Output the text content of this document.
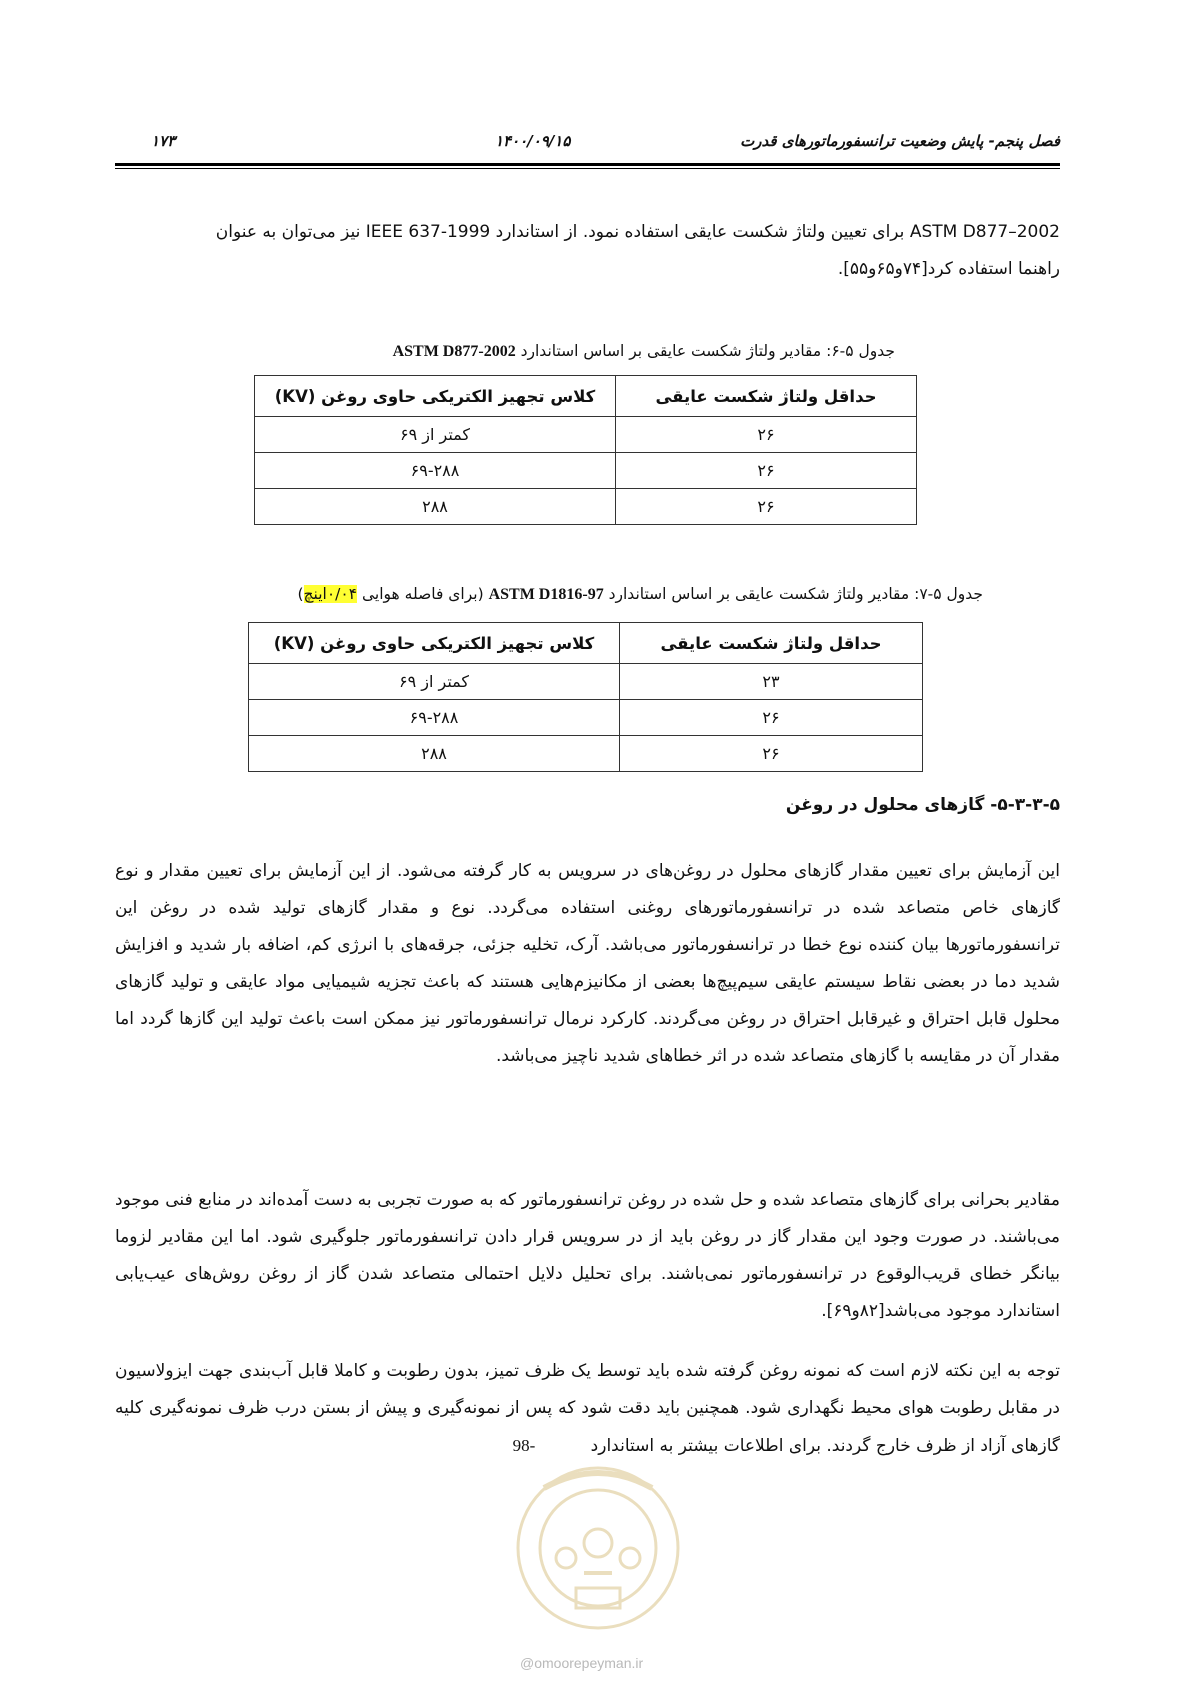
فصل پنجم- پایش وضعیت ترانسفورماتورهای قدرت
۱۴۰۰/۰۹/۱۵
۱۷۳
ASTM D877–2002 برای تعیین ولتاژ شکست عایقی استفاده نمود. از استاندارد IEEE 637-1999 نیز می‌توان به عنوان
راهنما استفاده کرد[۷۴و۶۵و۵۵].
جدول ۵-۶: مقادیر ولتاژ شکست عایقی بر اساس استاندارد ASTM D877-2002
حداقل ولتاژ شکست عایقی	کلاس تجهیز الکتریکی حاوی روغن (KV)
۲۶	کمتر از ۶۹
۲۶	۶۹-۲۸۸
۲۶	۲۸۸
جدول ۵-۷: مقادیر ولتاژ شکست عایقی بر اساس استاندارد ASTM D1816-97 (برای فاصله هوایی ۰/۰۴اینچ)
حداقل ولتاژ شکست عایقی	کلاس تجهیز الکتریکی حاوی روغن (KV)
۲۳	کمتر از ۶۹
۲۶	۶۹-۲۸۸
۲۶	۲۸۸
۵-۳-۳-۵- گازهای محلول در روغن
این آزمایش برای تعیین مقدار گازهای محلول در روغن‌های در سرویس به کار گرفته می‌شود. از این آزمایش برای تعیین مقدار و نوع گازهای خاص متصاعد شده در ترانسفورماتورهای روغنی استفاده می‌گردد. نوع و مقدار گازهای تولید شده در روغن این ترانسفورماتورها بیان کننده نوع خطا در ترانسفورماتور می‌باشد. آرک، تخلیه جزئی، جرقه‌های با انرژی کم، اضافه بار شدید و افزایش شدید دما در بعضی نقاط سیستم عایقی سیم‌پیچ‌ها بعضی از مکانیزم‌هایی هستند که باعث تجزیه شیمیایی مواد عایقی و تولید گازهای محلول قابل احتراق و غیرقابل احتراق در روغن می‌گردند. کارکرد نرمال ترانسفورماتور نیز ممکن است باعث تولید این گازها گردد اما مقدار آن در مقایسه با گازهای متصاعد شده در اثر خطاهای شدید ناچیز می‌باشد.
مقادیر بحرانی برای گازهای متصاعد شده و حل شده در روغن ترانسفورماتور که به صورت تجربی به دست آمده‌اند در منابع فنی موجود می‌باشند. در صورت وجود این مقدار گاز در روغن باید از در سرویس قرار دادن ترانسفورماتور جلوگیری شود. اما این مقادیر لزوما بیانگر خطای قریب‌الوقوع در ترانسفورماتور نمی‌باشند. برای تحلیل دلایل احتمالی متصاعد شدن گاز از روغن روش‌های عیب‌یابی استاندارد موجود می‌باشد[۸۲و۶۹].
توجه به این نکته لازم است که نمونه روغن گرفته شده باید توسط یک ظرف تمیز، بدون رطوبت و کاملا قابل آب‌بندی جهت ایزولاسیون در مقابل رطوبت هوای محیط نگهداری شود. همچنین باید دقت شود که پس از نمونه‌گیری و پیش از بستن درب ظرف نمونه‌گیری کلیه گازهای آزاد از ظرف خارج گردند. برای اطلاعات بیشتر به استاندارد -98
@omoorepeyman.ir
